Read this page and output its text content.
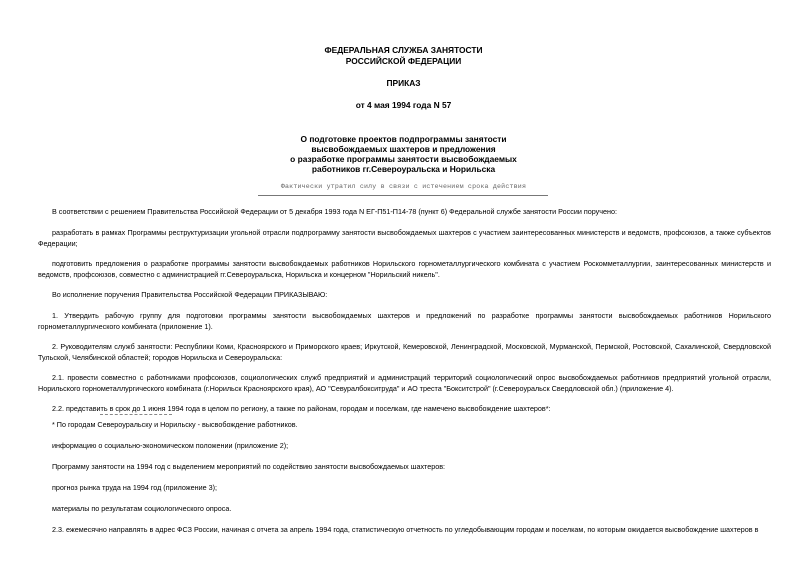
ФЕДЕРАЛЬНАЯ СЛУЖБА ЗАНЯТОСТИ
РОССИЙСКОЙ ФЕДЕРАЦИИ
ПРИКАЗ
от 4 мая 1994 года N 57
О подготовке проектов подпрограммы занятости
высвобождаемых шахтеров и предложения
о разработке программы занятости высвобождаемых
работников гг.Североуральска и Норильска
Фактически утратил силу в связи с истечением срока действия
В соответствии с решением Правительства Российской Федерации от 5 декабря 1993 года N ЕГ-П51-П14-78 (пункт 6) Федеральной службе занятости России поручено:
разработать в рамках Программы реструктуризации угольной отрасли подпрограмму занятости высвобождаемых шахтеров с участием заинтересованных министерств и ведомств, профсоюзов, а также субъектов Федерации;
подготовить предложения о разработке программы занятости высвобождаемых работников Норильского горнометаллургического комбината с участием Роскомметаллургии, заинтересованных министерств и ведомств, профсоюзов, совместно с администрацией гг.Североуральска, Норильска и концерном "Норильский никель".
Во исполнение поручения Правительства Российской Федерации ПРИКАЗЫВАЮ:
1. Утвердить рабочую группу для подготовки программы занятости высвобождаемых шахтеров и предложений по разработке программы занятости высвобождаемых работников Норильского горнометаллургического комбината (приложение 1).
2. Руководителям служб занятости: Республики Коми, Красноярского и Приморского краев; Иркутской, Кемеровской, Ленинградской, Московской, Мурманской, Пермской, Ростовской, Сахалинской, Свердловской Тульской, Челябинской областей; городов Норильска и Североуральска:
2.1. провести совместно с работниками профсоюзов, социологических служб предприятий и администраций территорий социологический опрос высвобождаемых работников предприятий угольной отрасли, Норильского горнометаллургического комбината (г.Норильск Красноярского края), АО "Севуралбокситруда" и АО треста "Бокситстрой" (г.Североуральск Свердловской обл.) (приложение 4).
2.2. представить в срок до 1 июня 1994 года в целом по региону, а также по районам, городам и поселкам, где намечено высвобождение шахтеров*:
* По городам Североуральску и Норильску - высвобождение работников.
информацию о социально-экономическом положении (приложение 2);
Программу занятости на 1994 год с выделением мероприятий по содействию занятости высвобождаемых шахтеров:
прогноз рынка труда на 1994 год (приложение 3);
материалы по результатам социологического опроса.
2.3. ежемесячно направлять в адрес ФСЗ России, начиная с отчета за апрель 1994 года, статистическую отчетность по угледобывающим городам и поселкам, по которым ожидается высвобождение шахтеров в
